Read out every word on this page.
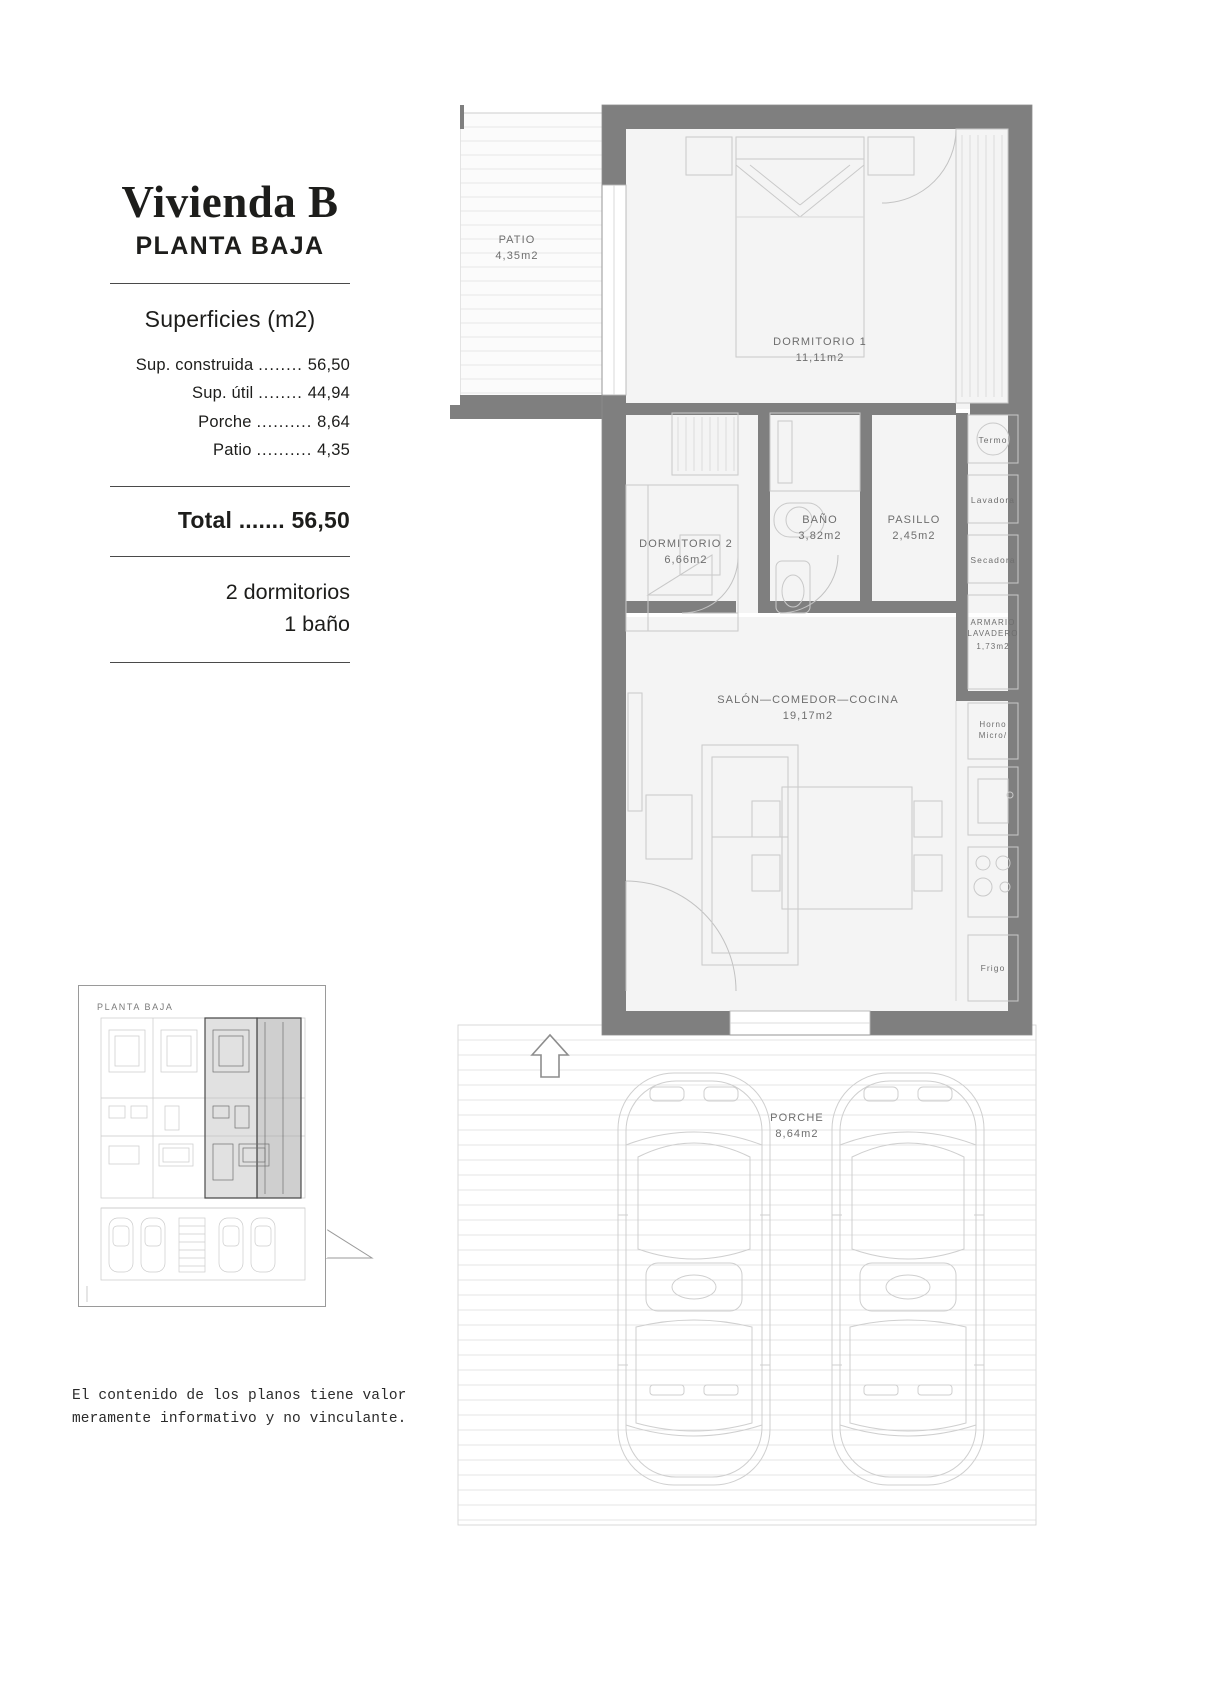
Vivienda B
PLANTA BAJA
Superficies (m2)
Sup. construida ........ 56,50
Sup. útil ........ 44,94
Porche .......... 8,64
Patio .......... 4,35
Total ....... 56,50
2 dormitorios
1 baño
PLANTA BAJA
El contenido de los planos tiene valor
meramente informativo y no vinculante.
PORCHE
8,64m2
PATIO
4,35m2
DORMITORIO 1
11,11m2
DORMITORIO 2
6,66m2
BAÑO
3,82m2
PASILLO
2,45m2
Termo
Lavadora
Secadora
ARMARIO
LAVADERO
1,73m2
Horno
Micro/
Frigo
SALÓN—COMEDOR—COCINA
19,17m2
